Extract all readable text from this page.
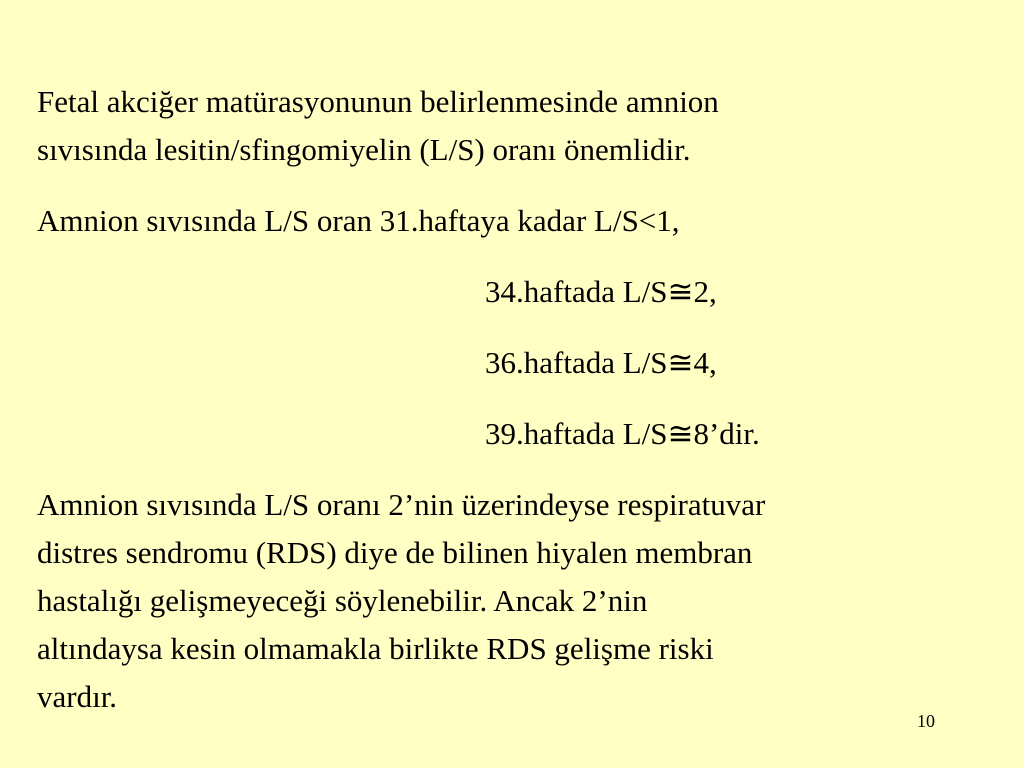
Fetal akciğer matürasyonunun belirlenmesinde amnion
sıvısında lesitin/sfingomiyelin (L/S) oranı önemlidir.
Amnion sıvısında L/S oran 31.haftaya kadar L/S<1,
34.haftada L/S≅2,
36.haftada L/S≅4,
39.haftada L/S≅8’dir.
Amnion sıvısında L/S oranı 2’nin üzerindeyse respiratuvar
distres sendromu (RDS) diye de bilinen hiyalen membran
hastalığı gelişmeyeceği söylenebilir. Ancak 2’nin
altındaysa kesin olmamakla birlikte RDS gelişme riski
vardır.
10
